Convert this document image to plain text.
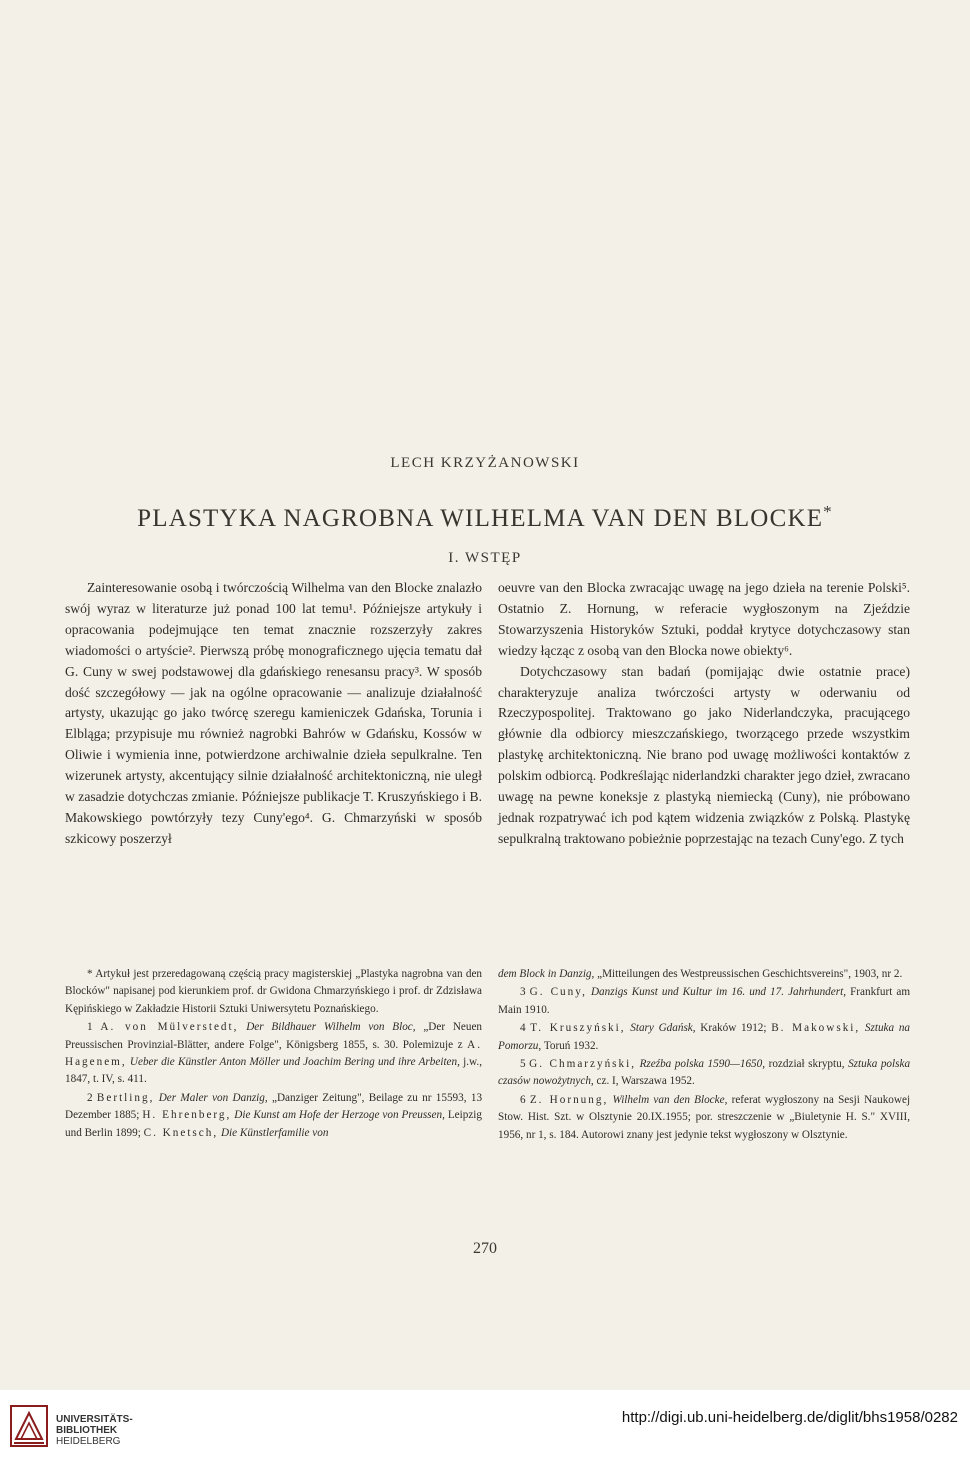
LECH KRZYŻANOWSKI
PLASTYKA NAGROBNA WILHELMA VAN DEN BLOCKE*
I. WSTĘP

Zainteresowanie osobą i twórczością Wilhelma van den Blocke znalazło swój wyraz w literaturze już ponad 100 lat temu¹. Późniejsze artykuły i opracowania podejmujące ten temat znacznie rozszerzyły zakres wiadomości o artyście². Pierwszą próbę monograficznego ujęcia tematu dał G. Cuny w swej podstawowej dla gdańskiego renesansu pracy³. W sposób dość szczegółowy — jak na ogólne opracowanie — analizuje działalność artysty, ukazując go jako twórcę szeregu kamieniczek Gdańska, Torunia i Elbląga; przypisuje mu również nagrobki Bahrów w Gdańsku, Kossów w Oliwie i wymienia inne, potwierdzone archiwalnie dzieła sepulkralne. Ten wizerunek artysty, akcentujący silnie działalność architektoniczną, nie uległ w zasadzie dotychczas zmianie. Późniejsze publikacje T. Kruszyńskiego i B. Makowskiego powtórzyły tezy Cuny'ego⁴. G. Chmarzyński w sposób szkicowy poszerzył

oeuvre van den Blocka zwracając uwagę na jego dzieła na terenie Polski⁵. Ostatnio Z. Hornung, w referacie wygłoszonym na Zjeździe Stowarzyszenia Historyków Sztuki, poddał krytyce dotychczasowy stan wiedzy łącząc z osobą van den Blocka nowe obiekty⁶.

Dotychczasowy stan badań (pomijając dwie ostatnie prace) charakteryzuje analiza twórczości artysty w oderwaniu od Rzeczypospolitej. Traktowano go jako Niderlandczyka, pracującego głównie dla odbiorcy mieszczańskiego, tworzącego przede wszystkim plastykę architektoniczną. Nie brano pod uwagę możliwości kontaktów z polskim odbiorcą. Podkreślając niderlandzki charakter jego dzieł, zwracano uwagę na pewne koneksje z plastyką niemiecką (Cuny), nie próbowano jednak rozpatrywać ich pod kątem widzenia związków z Polską. Plastykę sepulkralną traktowano pobieżnie poprzestając na tezach Cuny'ego. Z tych

* Artykuł jest przeredagowaną częścią pracy magisterskiej „Plastyka nagrobna van den Blocków" napisanej pod kierunkiem prof. dr Gwidona Chmarzyńskiego i prof. dr Zdzisława Kępińskiego w Zakładzie Historii Sztuki Uniwersytetu Poznańskiego.

1 A. von Mülverstedt, Der Bildhauer Wilhelm von Bloc, „Der Neuen Preussischen Provinzial-Blätter, andere Folge", Königsberg 1855, s. 30. Polemizuje z A. Hagenem, Ueber die Künstler Anton Möller und Joachim Bering und ihre Arbeiten, j.w., 1847, t. IV, s. 411.

2 Bertling, Der Maler von Danzig, „Danziger Zeitung", Beilage zu nr 15593, 13 Dezember 1885; H. Ehrenberg, Die Kunst am Hofe der Herzoge von Preussen, Leipzig und Berlin 1899; C. Knetsch, Die Künstlerfamilie von

dem Block in Danzig, „Mitteilungen des Westpreussischen Geschichtsvereins", 1903, nr 2.

3 G. Cuny, Danzigs Kunst und Kultur im 16. und 17. Jahrhundert, Frankfurt am Main 1910.

4 T. Kruszyński, Stary Gdańsk, Kraków 1912; B. Makowski, Sztuka na Pomorzu, Toruń 1932.

5 G. Chmarzyński, Rzeźba polska 1590—1650, rozdział skryptu, Sztuka polska czasów nowożytnych, cz. I, Warszawa 1952.

6 Z. Hornung, Wilhelm van den Blocke, referat wygłoszony na Sesji Naukowej Stow. Hist. Szt. w Olsztynie 20.IX.1955; por. streszczenie w „Biuletynie H. S." XVIII, 1956, nr 1, s. 184. Autorowi znany jest jedynie tekst wygłoszony w Olsztynie.

270
UNIVERSITÄTS-
BIBLIOTHEK
HEIDELBERG
http://digi.ub.uni-heidelberg.de/diglit/bhs1958/0282
